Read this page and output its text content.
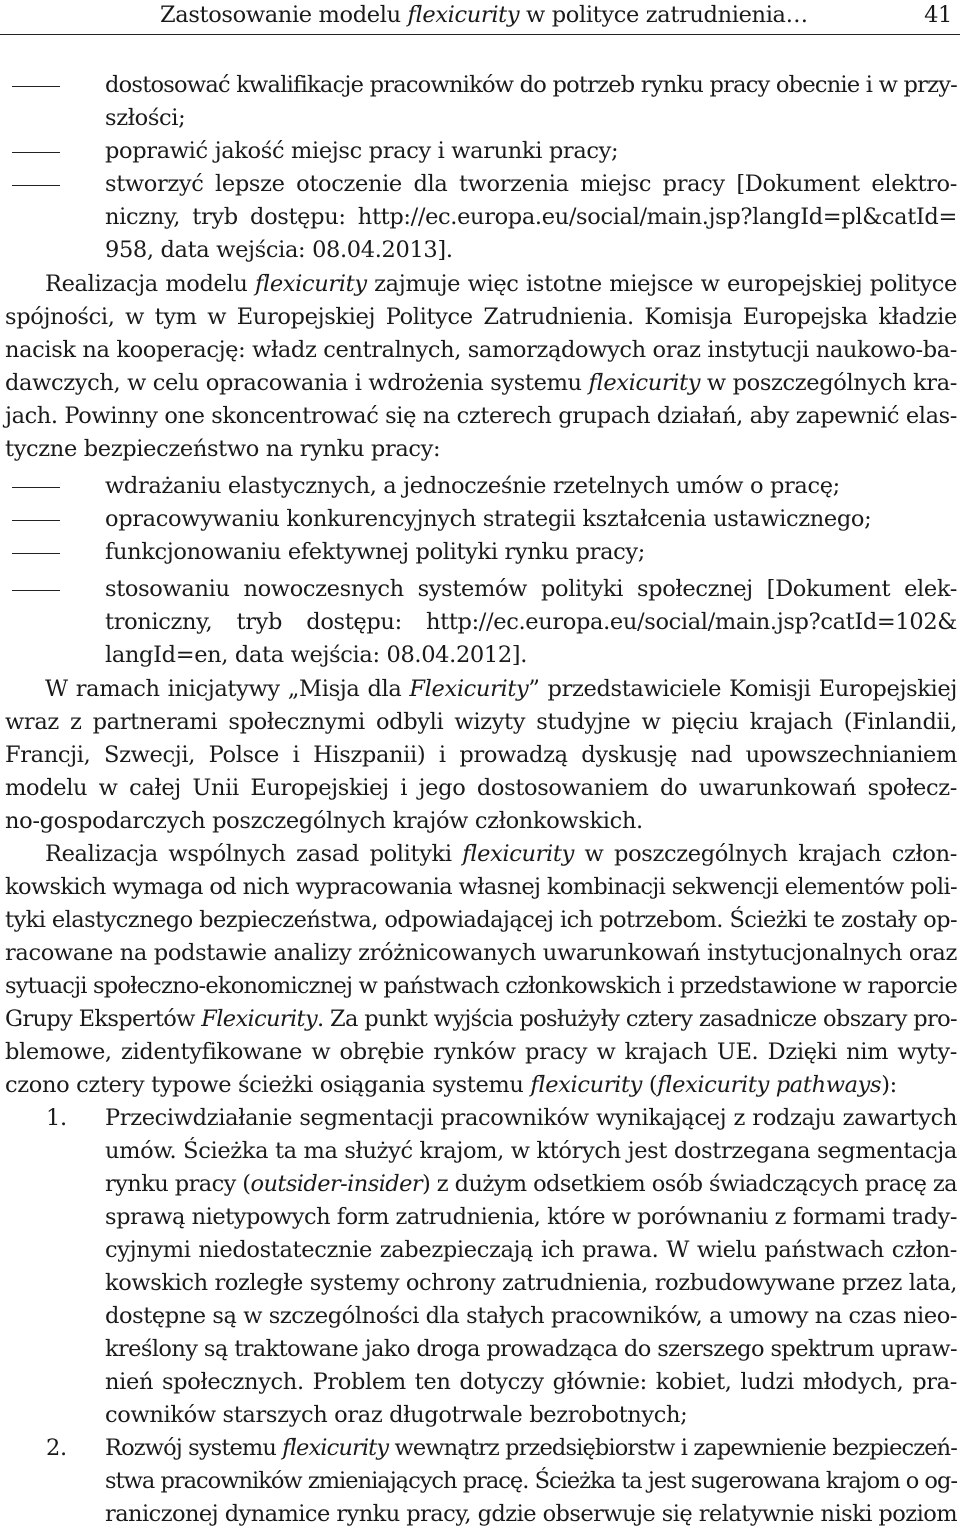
Zastosowanie modelu flexicurity w polityce zatrudnienia…	41
dostosować kwalifikacje pracowników do potrzeb rynku pracy obecnie i w przy-
szłości;
poprawić jakość miejsc pracy i warunki pracy;
stworzyć lepsze otoczenie dla tworzenia miejsc pracy [Dokument elektro-
niczny, tryb dostępu: http://ec.europa.eu/social/main.jsp?langId=pl&catId=
958, data wejścia: 08.04.2013].
Realizacja modelu flexicurity zajmuje więc istotne miejsce w europejskiej polityce
spójności, w tym w Europejskiej Polityce Zatrudnienia. Komisja Europejska kładzie
nacisk na kooperację: władz centralnych, samorządowych oraz instytucji naukowo-ba-
dawczych, w celu opracowania i wdrożenia systemu flexicurity w poszczególnych kra-
jach. Powinny one skoncentrować się na czterech grupach działań, aby zapewnić elas-
tyczne bezpieczeństwo na rynku pracy:
wdrażaniu elastycznych, a jednocześnie rzetelnych umów o pracę;
opracowywaniu konkurencyjnych strategii kształcenia ustawicznego;
funkcjonowaniu efektywnej polityki rynku pracy;
stosowaniu nowoczesnych systemów polityki społecznej [Dokument elek-
troniczny, tryb dostępu: http://ec.europa.eu/social/main.jsp?catId=102&
langId=en, data wejścia: 08.04.2012].
W ramach inicjatywy „Misja dla Flexicurity” przedstawiciele Komisji Europejskiej
wraz z partnerami społecznymi odbyli wizyty studyjne w pięciu krajach (Finlandii,
Francji, Szwecji, Polsce i Hiszpanii) i prowadzą dyskusję nad upowszechnianiem
modelu w całej Unii Europejskiej i jego dostosowaniem do uwarunkowań społecz-
no-gospodarczych poszczególnych krajów członkowskich.
Realizacja wspólnych zasad polityki flexicurity w poszczególnych krajach człon-
kowskich wymaga od nich wypracowania własnej kombinacji sekwencji elementów poli-
tyki elastycznego bezpieczeństwa, odpowiadającej ich potrzebom. Ścieżki te zostały op-
racowane na podstawie analizy zróżnicowanych uwarunkowań instytucjonalnych oraz
sytuacji społeczno-ekonomicznej w państwach członkowskich i przedstawione w raporcie
Grupy Ekspertów Flexicurity. Za punkt wyjścia posłużyły cztery zasadnicze obszary pro-
blemowe, zidentyfikowane w obrębie rynków pracy w krajach UE. Dzięki nim wyty-
czono cztery typowe ścieżki osiągania systemu flexicurity (flexicurity pathways):
Przeciwdziałanie segmentacji pracowników wynikającej z rodzaju zawartych
umów. Ścieżka ta ma służyć krajom, w których jest dostrzegana segmentacja
rynku pracy (outsider-insider) z dużym odsetkiem osób świadczących pracę za
sprawą nietypowych form zatrudnienia, które w porównaniu z formami trady-
cyjnymi niedostatecznie zabezpieczają ich prawa. W wielu państwach człon-
kowskich rozległe systemy ochrony zatrudnienia, rozbudowywane przez lata,
dostępne są w szczególności dla stałych pracowników, a umowy na czas nieo-
kreślony są traktowane jako droga prowadząca do szerszego spektrum upraw-
nień społecznych. Problem ten dotyczy głównie: kobiet, ludzi młodych, pra-
cowników starszych oraz długotrwale bezrobotnych;
Rozwój systemu flexicurity wewnątrz przedsiębiorstw i zapewnienie bezpieczeń-
stwa pracowników zmieniających pracę. Ścieżka ta jest sugerowana krajom o og-
raniczonej dynamice rynku pracy, gdzie obserwuje się relatywnie niski poziom
1.
2.
